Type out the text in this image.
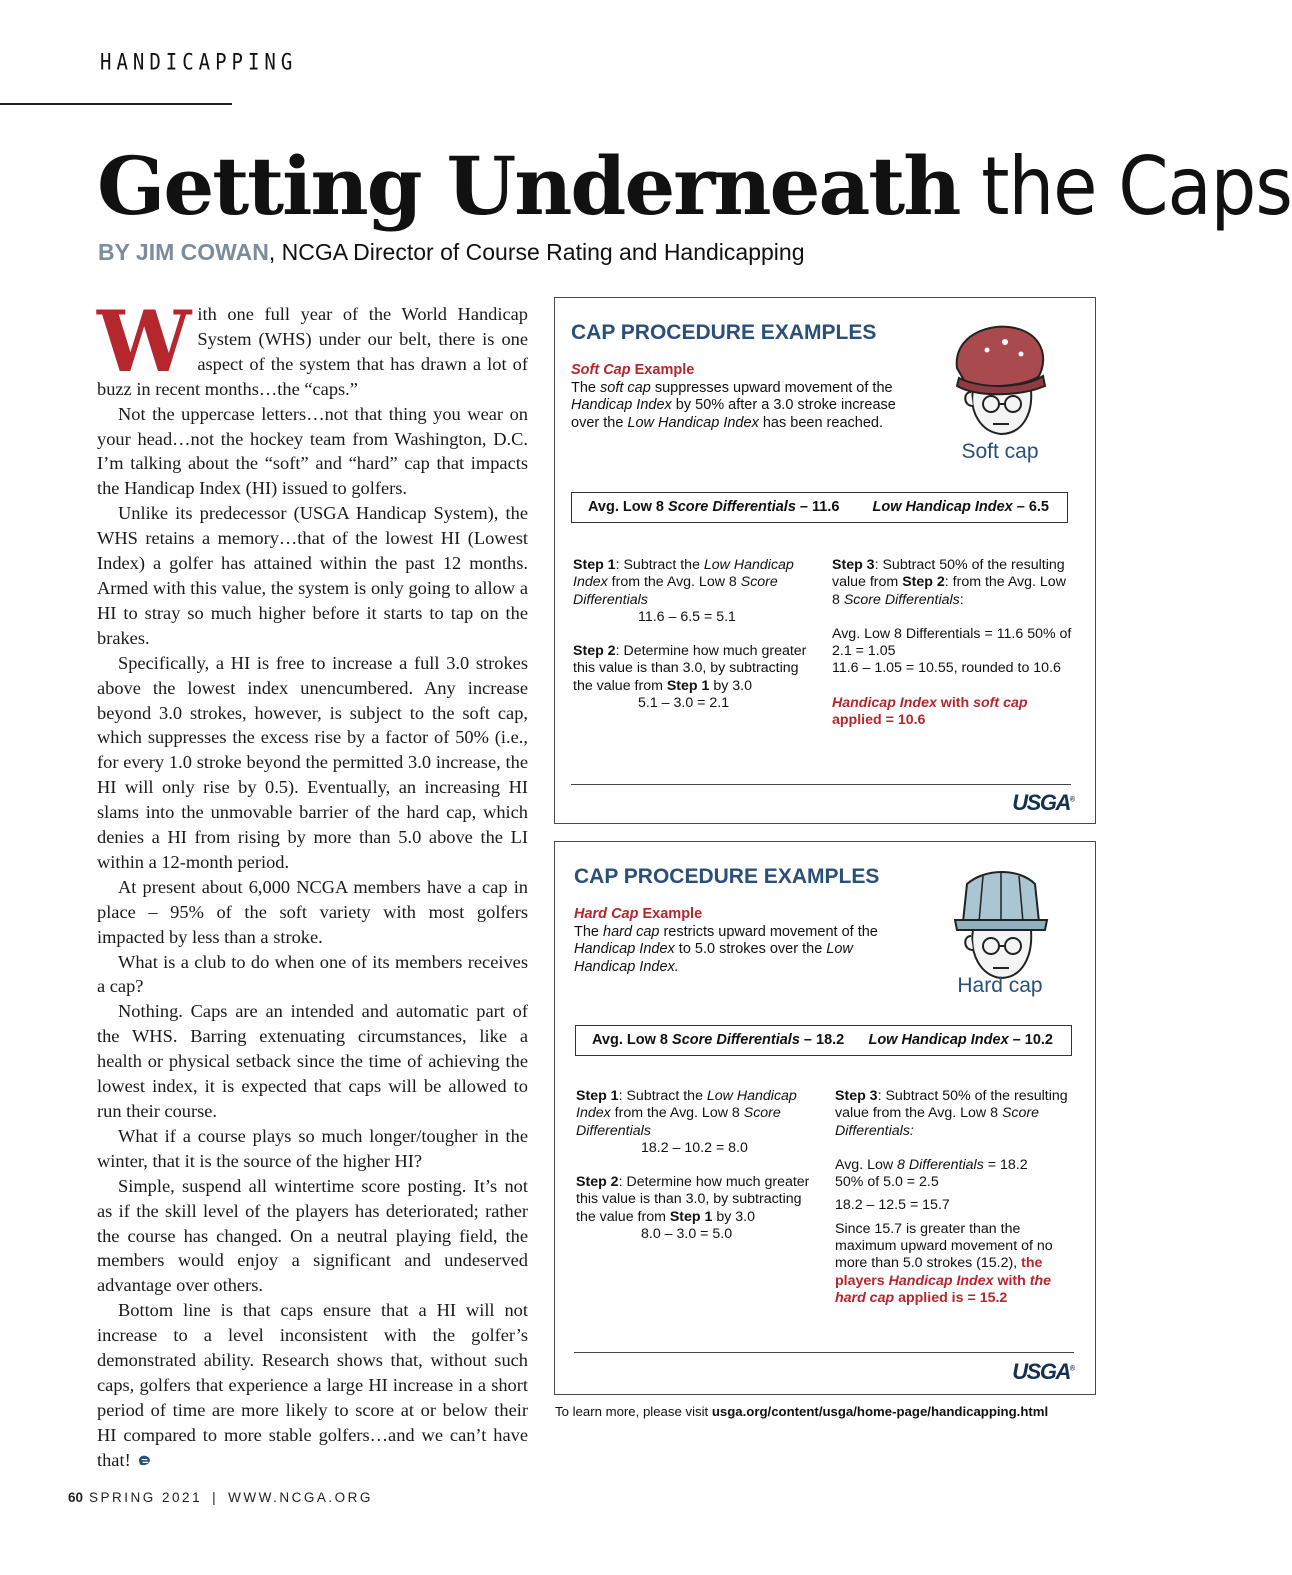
HANDICAPPING
Getting Underneath the Caps
BY JIM COWAN, NCGA Director of Course Rating and Handicapping

With one full year of the World Handicap System (WHS) under our belt, there is one aspect of the system that has drawn a lot of buzz in recent months…the “caps.”

Not the uppercase letters…not that thing you wear on your head…not the hockey team from Washington, D.C. I’m talking about the “soft” and “hard” cap that impacts the Handicap Index (HI) issued to golfers.

Unlike its predecessor (USGA Handicap System), the WHS retains a memory…that of the lowest HI (Lowest Index) a golfer has attained within the past 12 months. Armed with this value, the system is only going to allow a HI to stray so much higher before it starts to tap on the brakes.

Specifically, a HI is free to increase a full 3.0 strokes above the lowest index unencumbered. Any increase beyond 3.0 strokes, however, is subject to the soft cap, which suppresses the excess rise by a factor of 50% (i.e., for every 1.0 stroke beyond the permitted 3.0 increase, the HI will only rise by 0.5). Eventually, an increasing HI slams into the unmovable barrier of the hard cap, which denies a HI from rising by more than 5.0 above the LI within a 12-month period.

At present about 6,000 NCGA members have a cap in place – 95% of the soft variety with most golfers impacted by less than a stroke.

What is a club to do when one of its members receives a cap?

Nothing. Caps are an intended and automatic part of the WHS. Barring extenuating circumstances, like a health or physical setback since the time of achieving the lowest index, it is expected that caps will be allowed to run their course.

What if a course plays so much longer/tougher in the winter, that it is the source of the higher HI?

Simple, suspend all wintertime score posting. It’s not as if the skill level of the players has deteriorated; rather the course has changed. On a neutral playing field, the members would enjoy a significant and undeserved advantage over others.

Bottom line is that caps ensure that a HI will not increase to a level inconsistent with the golfer’s demonstrated ability. Research shows that, without such caps, golfers that experience a large HI increase in a short period of time are more likely to score at or below their HI compared to more stable golfers…and we can’t have that!

CAP PROCEDURE EXAMPLES
Soft Cap Example
The soft cap suppresses upward movement of the Handicap Index by 50% after a 3.0 stroke increase over the Low Handicap Index has been reached.
Soft cap
Avg. Low 8 Score Differentials – 11.6 Low Handicap Index – 6.5

Step 1: Subtract the Low Handicap Index from the Avg. Low 8 Score Differentials
11.6 – 6.5 = 5.1

Step 2: Determine how much greater this value is than 3.0, by subtracting the value from Step 1 by 3.0
5.1 – 3.0 = 2.1

Step 3: Subtract 50% of the resulting value from Step 2: from the Avg. Low 8 Score Differentials:

Avg. Low 8 Differentials = 11.6 50% of 2.1 = 1.05
11.6 – 1.05 = 10.55, rounded to 10.6

Handicap Index with soft cap applied = 10.6

USGA®
CAP PROCEDURE EXAMPLES
Hard Cap Example
The hard cap restricts upward movement of the Handicap Index to 5.0 strokes over the Low Handicap Index.
Hard cap
Avg. Low 8 Score Differentials – 18.2 Low Handicap Index – 10.2

Step 1: Subtract the Low Handicap Index from the Avg. Low 8 Score Differentials
18.2 – 10.2 = 8.0

Step 2: Determine how much greater this value is than 3.0, by subtracting the value from Step 1 by 3.0
8.0 – 3.0 = 5.0

Step 3: Subtract 50% of the resulting value from the Avg. Low 8 Score Differentials:

Avg. Low 8 Differentials = 18.2
50% of 5.0 = 2.5

18.2 – 12.5 = 15.7

Since 15.7 is greater than the maximum upward movement of no more than 5.0 strokes (15.2), the players Handicap Index with the hard cap applied is = 15.2

USGA®
To learn more, please visit usga.org/content/usga/home-page/handicapping.html
60 SPRING 2021 | WWW.NCGA.ORG
